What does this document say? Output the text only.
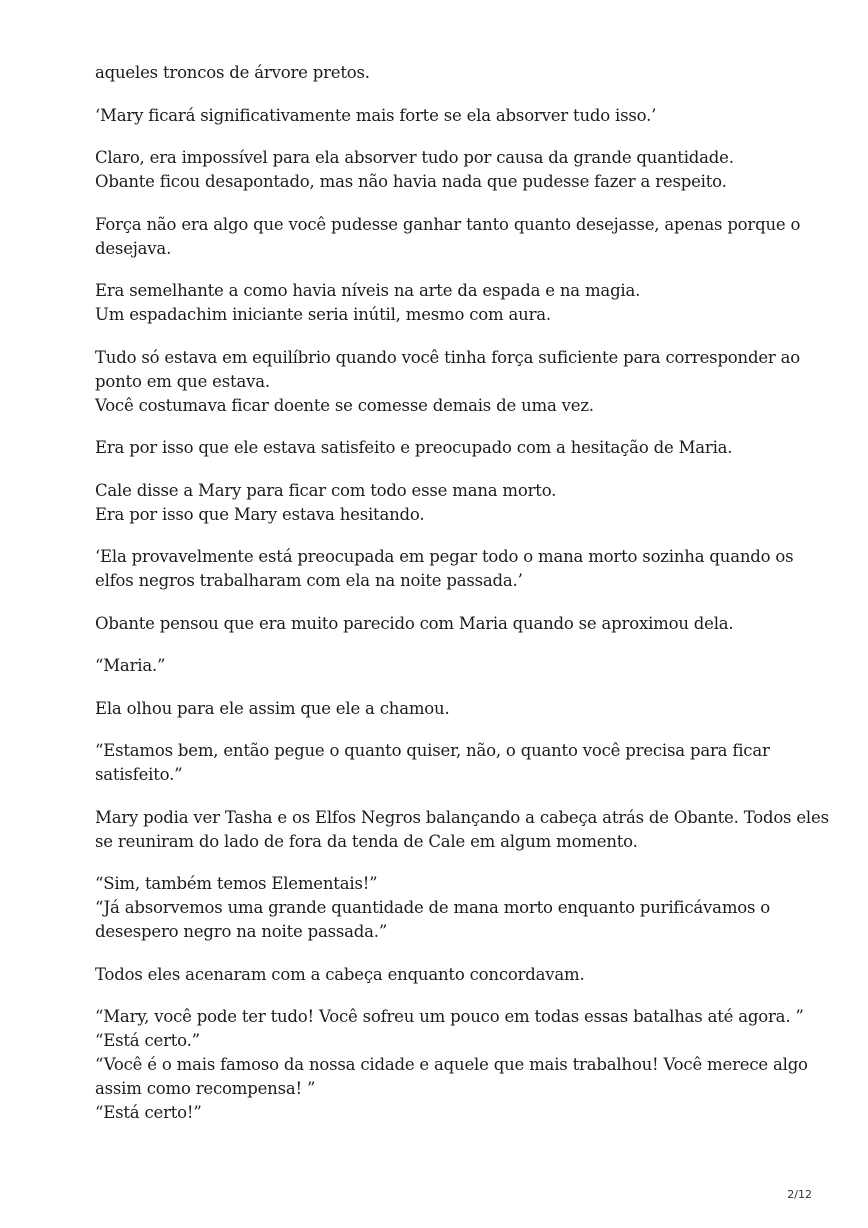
aqueles troncos de árvore pretos.

‘Mary ficará significativamente mais forte se ela absorver tudo isso.’

Claro, era impossível para ela absorver tudo por causa da grande quantidade.
Obante ficou desapontado, mas não havia nada que pudesse fazer a respeito.

Força não era algo que você pudesse ganhar tanto quanto desejasse, apenas porque o
desejava.

Era semelhante a como havia níveis na arte da espada e na magia.
Um espadachim iniciante seria inútil, mesmo com aura.

Tudo só estava em equilíbrio quando você tinha força suficiente para corresponder ao
ponto em que estava.
Você costumava ficar doente se comesse demais de uma vez.

Era por isso que ele estava satisfeito e preocupado com a hesitação de Maria.

Cale disse a Mary para ficar com todo esse mana morto.
Era por isso que Mary estava hesitando.

‘Ela provavelmente está preocupada em pegar todo o mana morto sozinha quando os
elfos negros trabalharam com ela na noite passada.’

Obante pensou que era muito parecido com Maria quando se aproximou dela.

“Maria.”

Ela olhou para ele assim que ele a chamou.

“Estamos bem, então pegue o quanto quiser, não, o quanto você precisa para ficar
satisfeito.”

Mary podia ver Tasha e os Elfos Negros balançando a cabeça atrás de Obante. Todos eles
se reuniram do lado de fora da tenda de Cale em algum momento.

“Sim, também temos Elementais!”
“Já absorvemos uma grande quantidade de mana morto enquanto purificávamos o
desespero negro na noite passada.”

Todos eles acenaram com a cabeça enquanto concordavam.

“Mary, você pode ter tudo! Você sofreu um pouco em todas essas batalhas até agora. ”
“Está certo.”
“Você é o mais famoso da nossa cidade e aquele que mais trabalhou! Você merece algo
assim como recompensa! ”
“Está certo!”

2/12
